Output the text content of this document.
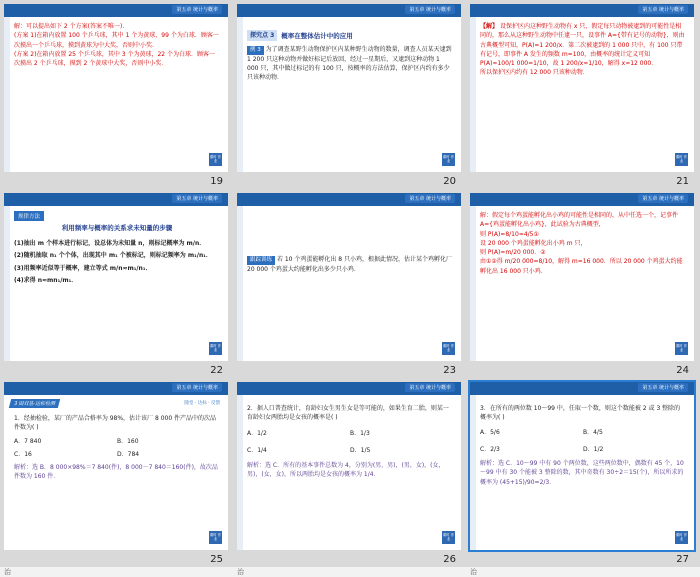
第五章 统计与概率

解：可以提出如下 2 个方案(答案不唯一)．

(方案 1)在箱内放置 100 个乒乓球，其中 1 个为黄球，99 个为白球．顾客一次摸出一个乒乓球，摸到黄球为中大奖，否则中小奖．

(方案 2)在箱内放置 25 个乒乓球，其中 3 个为黄球，22 个为白球．顾客一次摸出 2 个乒乓球，摸到 2 个黄球中大奖，否则中小奖．

课时 作业
19
第五章 统计与概率
探究点 3	概率在整体估计中的应用

例 3 为了调查某野生动物保护区内某种野生动物的数量，调查人员某天逮到 1 200 只这种动物并做好标记后放回，经过一星期后，又逮到这种动物 1 000 只，其中做过标记的有 100 只，按概率的方法估算，保护区内约有多少只该种动物．

课时 作业
20
第五章 统计与概率

【解】 设保护区内这种野生动物有 x 只，假定每只动物被逮到的可能性是相同的，那么从这种野生动物中任逮一只，设事件 A={带有记号的动物}，则由古典概型可知，P(A)=1 200/x．第二次被逮到的 1 000 只中，有 100 只带有记号，即事件 A 发生的频数 m=100，由概率的统计定义可知 P(A)≈100/1 000=1/10，故 1 200/x≈1/10，解得 x≈12 000．

所以保护区内约有 12 000 只该种动物．

课时 作业
21
第五章 统计与概率
规律方法
利用频率与概率的关系求未知量的步骤

(1)抽出 m 个样本进行标记，设总体为未知量 n，则标记概率为 m/n．

(2)随机抽取 n₁ 个个体，出现其中 m₁ 个被标记，则标记频率为 m₁/n₁．

(3)用频率近似等于概率，建立等式 m/n≈m₁/n₁．

(4)求得 n≈mn₁/m₁．

课时 作业
22
第五章 统计与概率

跟踪训练 若 10 个鸡蛋能孵化出 8 只小鸡，根据此情况，估计某个鸡孵化厂 20 000 个鸡蛋大约能孵化出多少只小鸡．

课时 作业
23
第五章 统计与概率

解：假定每个鸡蛋能孵化出小鸡的可能性是相同的，从中任选一个，记事件 A={鸡蛋能孵化出小鸡}，此试验为古典概型，

则 P(A)=8/10=4/5①

设 20 000 个鸡蛋能孵化出小鸡 m 只，

则 P(A)≈m/20 000．②

由①②得 m/20 000=8/10，解得 m=16 000．所以 20 000 个鸡蛋大约能孵化出 16 000 只小鸡．

课时 作业
24
第五章 统计与概率
3 固双基·达标检测	随堂 · 达标 · 反馈

1．经抽检验，某厂的产品合格率为 98%，估计该厂 8 000 件产品中的次品件数为( )

A．7 840	B．160
C．16	D．784

解析：选 B．8 000×98%＝7 840(件)，8 000－7 840＝160(件)，故次品件数为 160 件．

课时 作业
25
第五章 统计与概率

2．据人口普查统计，育龄妇女生男生女是等可能的，如果生育二胎，则某一育龄妇女两胎均是女孩的概率是( )

A．1/2	B．1/3
C．1/4	D．1/5

解析：选 C．所有的基本事件总数为 4，分别为(男，男)，(男，女)，(女，男)，(女，女)，所以两胎均是女孩的概率为 1/4．

课时 作业
26
第五章 统计与概率

3．在所有的两位数 10～99 中，任取一个数，则这个数能被 2 或 3 整除的概率为( )

A．5/6	B．4/5
C．2/3	D．1/2

解析：选 C．10～99 中有 90 个两位数，这些两位数中，偶数有 45 个，10～99 中有 30 个能被 3 整除的数，其中奇数有 30÷2＝15(个)，所以所求的概率为 (45+15)/90=2/3．

课时 作业
27
治	治	治
